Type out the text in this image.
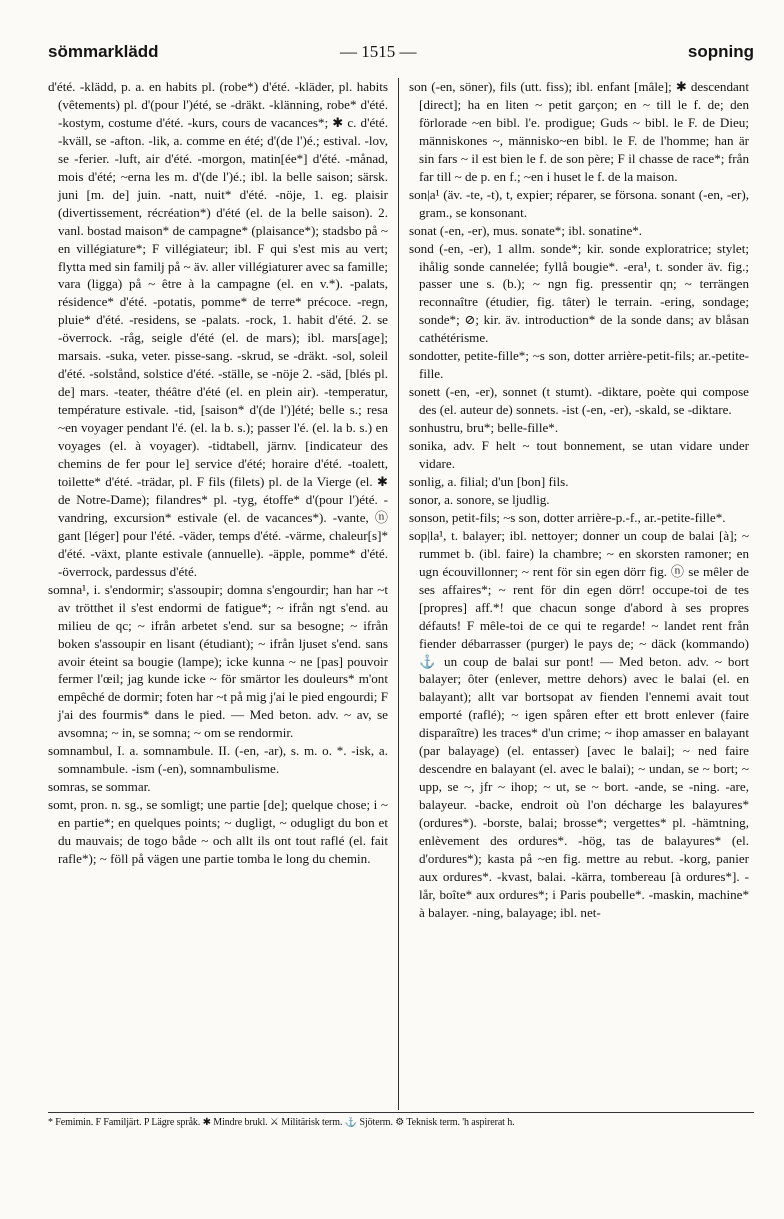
sömmarklädd	— 1515 —	sopning

d'été. -klädd, p. a. en habits pl. (robe*) d'été. -kläder, pl. habits (vêtements) pl. d'(pour l')été, se -dräkt. -klänning, robe* d'été. -kostym, costume d'été. -kurs, cours de vacances*; ✱ c. d'été. -kväll, se -afton. -lik, a. comme en été; d'(de l')é.; estival. -lov, se -ferier. -luft, air d'été. -morgon, matin[ée*] d'été. -månad, mois d'été; ~erna les m. d'(de l')é.; ibl. la belle saison; särsk. juni [m. de] juin. -natt, nuit* d'été. -nöje, 1. eg. plaisir (divertissement, récréation*) d'été (el. de la belle saison). 2. vanl. bostad maison* de campagne* (plaisance*); stadsbo på ~ en villégiature*; F villégiateur; ibl. F qui s'est mis au vert; flytta med sin familj på ~ äv. aller villégiaturer avec sa famille; vara (ligga) på ~ être à la campagne (el. en v.*). -palats, résidence* d'été. -potatis, pomme* de terre* précoce. -regn, pluie* d'été. -residens, se -palats. -rock, 1. habit d'été. 2. se -överrock. -råg, seigle d'été (el. de mars); ibl. mars[age]; marsais. -suka, veter. pisse-sang. -skrud, se -dräkt. -sol, soleil d'été. -solstånd, solstice d'été. -ställe, se -nöje 2. -säd, [blés pl. de] mars. -teater, théâtre d'été (el. en plein air). -temperatur, température estivale. -tid, [saison* d'(de l')]été; belle s.; resa ~en voyager pendant l'é. (el. la b. s.); passer l'é. (el. la b. s.) en voyages (el. à voyager). -tidtabell, järnv. [indicateur des chemins de fer pour le] service d'été; horaire d'été. -toalett, toilette* d'été. -trädar, pl. F fils (filets) pl. de la Vierge (el. ✱ de Notre-Dame); filandres* pl. -tyg, étoffe* d'(pour l')été. -vandring, excursion* estivale (el. de vacances*). -vante, ⓝ gant [léger] pour l'été. -väder, temps d'été. -värme, chaleur[s]* d'été. -växt, plante estivale (annuelle). -äpple, pomme* d'été. -överrock, pardessus d'été.

somna¹, i. s'endormir; s'assoupir; domna s'engourdir; han har ~t av trötthet il s'est endormi de fatigue*; ~ ifrån ngt s'end. au milieu de qc; ~ ifrån arbetet s'end. sur sa besogne; ~ ifrån boken s'assoupir en lisant (étudiant); ~ ifrån ljuset s'end. sans avoir éteint sa bougie (lampe); icke kunna ~ ne [pas] pouvoir fermer l'œil; jag kunde icke ~ för smärtor les douleurs* m'ont empêché de dormir; foten har ~t på mig j'ai le pied engourdi; F j'ai des fourmis* dans le pied. — Med beton. adv. ~ av, se avsomna; ~ in, se somna; ~ om se rendormir.

somnambul, I. a. somnambule. II. (-en, -ar), s. m. o. *. -isk, a. somnambule. -ism (-en), somnambulisme.

somras, se sommar.

somt, pron. n. sg., se somligt; une partie [de]; quelque chose; i ~ en partie*; en quelques points; ~ dugligt, ~ odugligt du bon et du mauvais; de togo både ~ och allt ils ont tout raflé (el. fait rafle*); ~ föll på vägen une partie tomba le long du chemin.

son (-en, söner), fils (utt. fiss); ibl. enfant [mâle]; ✱ descendant [direct]; ha en liten ~ petit garçon; en ~ till le f. de; den förlorade ~en bibl. l'e. prodigue; Guds ~ bibl. le F. de Dieu; människones ~, människo~en bibl. le F. de l'homme; han är sin fars ~ il est bien le f. de son père; F il chasse de race*; från far till ~ de p. en f.; ~en i huset le f. de la maison.

son|a¹ (äv. -te, -t), t, expier; réparer, se försona. sonant (-en, -er), gram., se konsonant.

sonat (-en, -er), mus. sonate*; ibl. sonatine*.

sond (-en, -er), 1 allm. sonde*; kir. sonde exploratrice; stylet; ihålig sonde cannelée; fyllå bougie*. -era¹, t. sonder äv. fig.; passer une s. (b.); ~ ngn fig. pressentir qn; ~ terrängen reconnaître (étudier, fig. tâter) le terrain. -ering, sondage; sonde*; ⊘; kir. äv. introduction* de la sonde dans; av blåsan cathétérisme.

sondotter, petite-fille*; ~s son, dotter arrière-petit-fils; ar.-petite-fille.

sonett (-en, -er), sonnet (t stumt). -diktare, poète qui compose des (el. auteur de) sonnets. -ist (-en, -er), -skald, se -diktare.

sonhustru, bru*; belle-fille*.

sonika, adv. F helt ~ tout bonnement, se utan vidare under vidare.

sonlig, a. filial; d'un [bon] fils.

sonor, a. sonore, se ljudlig.

sonson, petit-fils; ~s son, dotter arrière-p.-f., ar.-petite-fille*.

sop|la¹, t. balayer; ibl. nettoyer; donner un coup de balai [à]; ~ rummet b. (ibl. faire) la chambre; ~ en skorsten ramoner; en ugn écouvillonner; ~ rent för sin egen dörr fig. ⓝ se mêler de ses affaires*; ~ rent för din egen dörr! occupe-toi de tes [propres] aff.*! que chacun songe d'abord à ses propres défauts! F mêle-toi de ce qui te regarde! ~ landet rent från fiender débarrasser (purger) le pays de; ~ däck (kommando) ⚓ un coup de balai sur pont! — Med beton. adv. ~ bort balayer; ôter (enlever, mettre dehors) avec le balai (el. en balayant); allt var bortsopat av fienden l'ennemi avait tout emporté (raflé); ~ igen spåren efter ett brott enlever (faire disparaître) les traces* d'un crime; ~ ihop amasser en balayant (par balayage) (el. entasser) [avec le balai]; ~ ned faire descendre en balayant (el. avec le balai); ~ undan, se ~ bort; ~ upp, se ~, jfr ~ ihop; ~ ut, se ~ bort. -ande, se -ning. -are, balayeur. -backe, endroit où l'on décharge les balayures* (ordures*). -borste, balai; brosse*; vergettes* pl. -hämtning, enlèvement des ordures*. -hög, tas de balayures* (el. d'ordures*); kasta på ~en fig. mettre au rebut. -korg, panier aux ordures*. -kvast, balai. -kärra, tombereau [à ordures*]. -lår, boîte* aux ordures*; i Paris poubelle*. -maskin, machine* à balayer. -ning, balayage; ibl. net-

* Femimin. F Familjärt. P Lägre språk. ✱ Mindre brukl. ⚔ Militärisk term. ⚓ Sjöterm. ⚙ Teknisk term. 'h aspirerat h.
